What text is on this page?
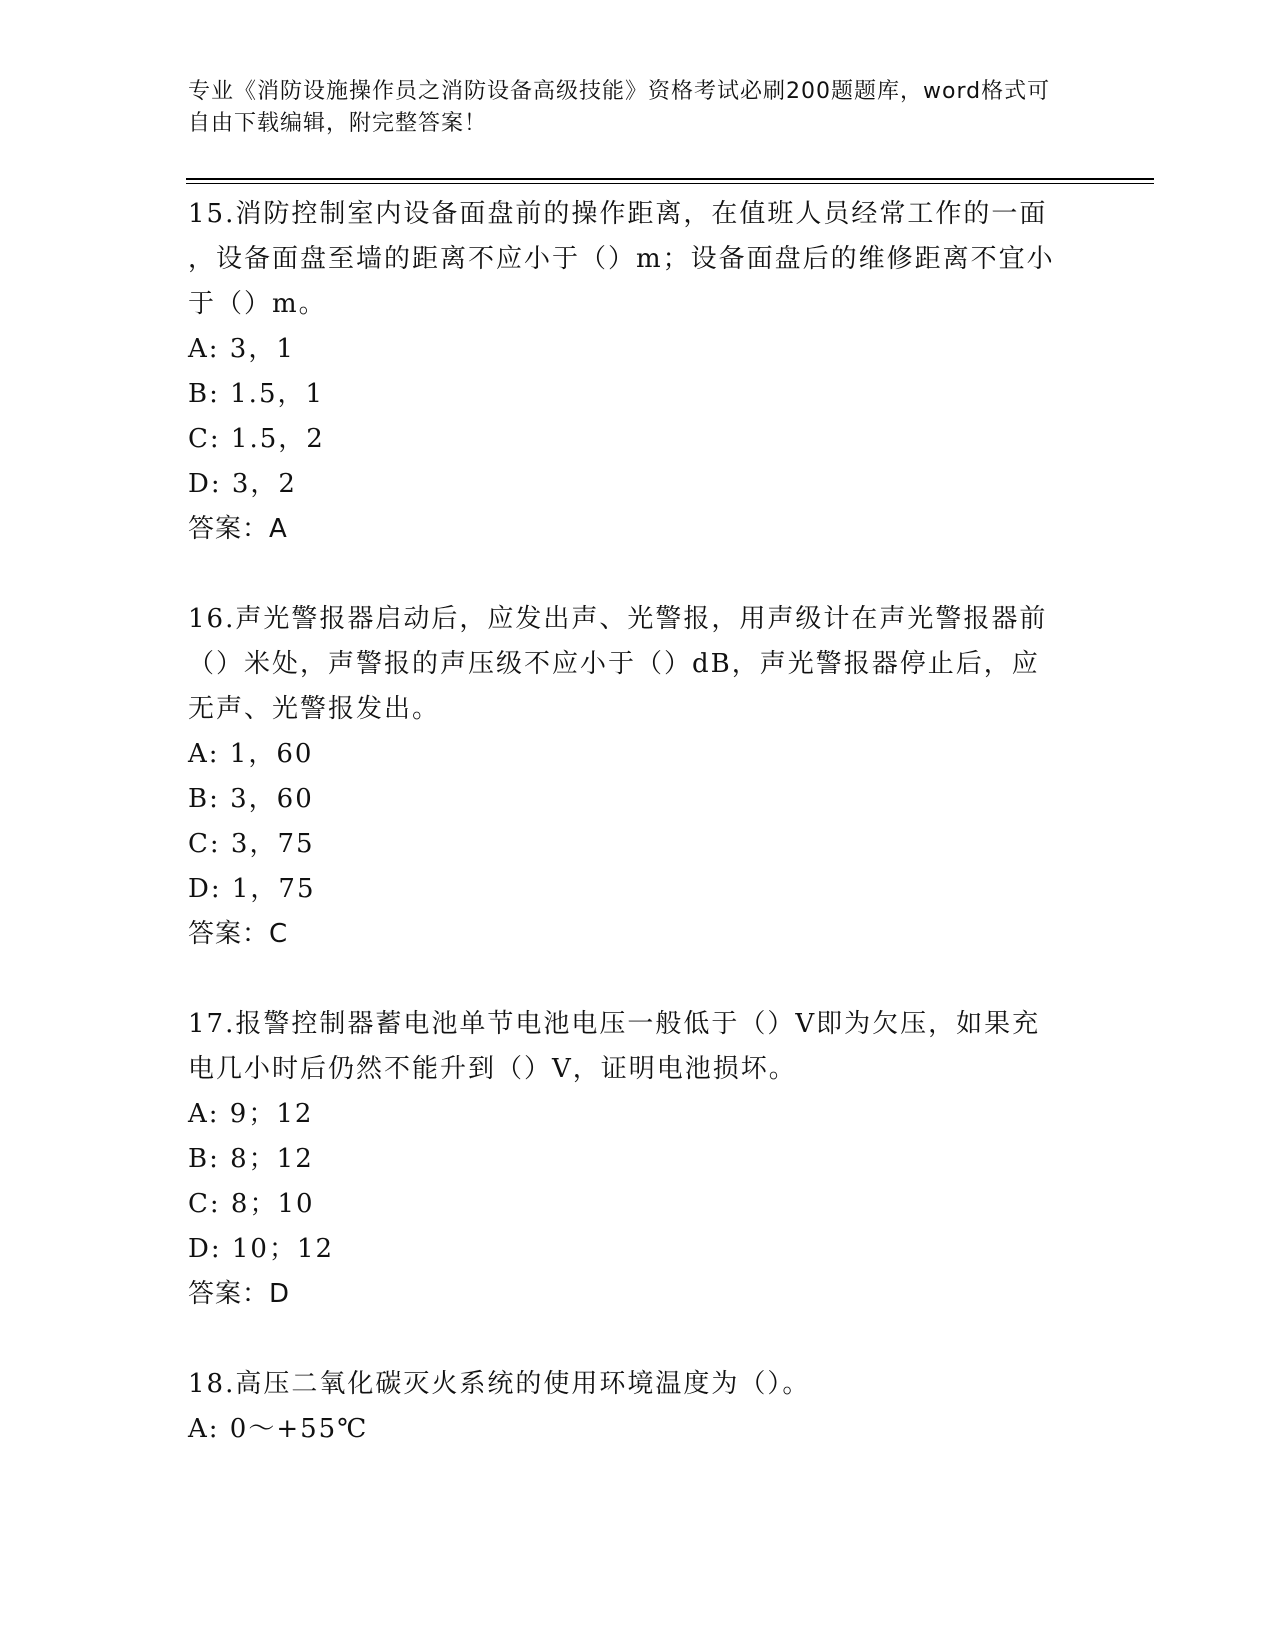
专业《消防设施操作员之消防设备高级技能》资格考试必刷200题题库，word格式可自由下载编辑，附完整答案！

15.消防控制室内设备面盘前的操作距离，在值班人员经常工作的一面

，设备面盘至墙的距离不应小于（）m；设备面盘后的维修距离不宜小

于（）m。

A: 3，1

B: 1.5，1

C: 1.5，2

D: 3，2

答案：A

16.声光警报器启动后，应发出声、光警报，用声级计在声光警报器前

（）米处，声警报的声压级不应小于（）dB，声光警报器停止后，应

无声、光警报发出。

A: 1，60

B: 3，60

C: 3，75

D: 1，75

答案：C

17.报警控制器蓄电池单节电池电压一般低于（）V即为欠压，如果充

电几小时后仍然不能升到（）V，证明电池损坏。

A: 9；12

B: 8；12

C: 8；10

D: 10；12

答案：D

18.高压二氧化碳灭火系统的使用环境温度为（）。

A: 0～+55℃
